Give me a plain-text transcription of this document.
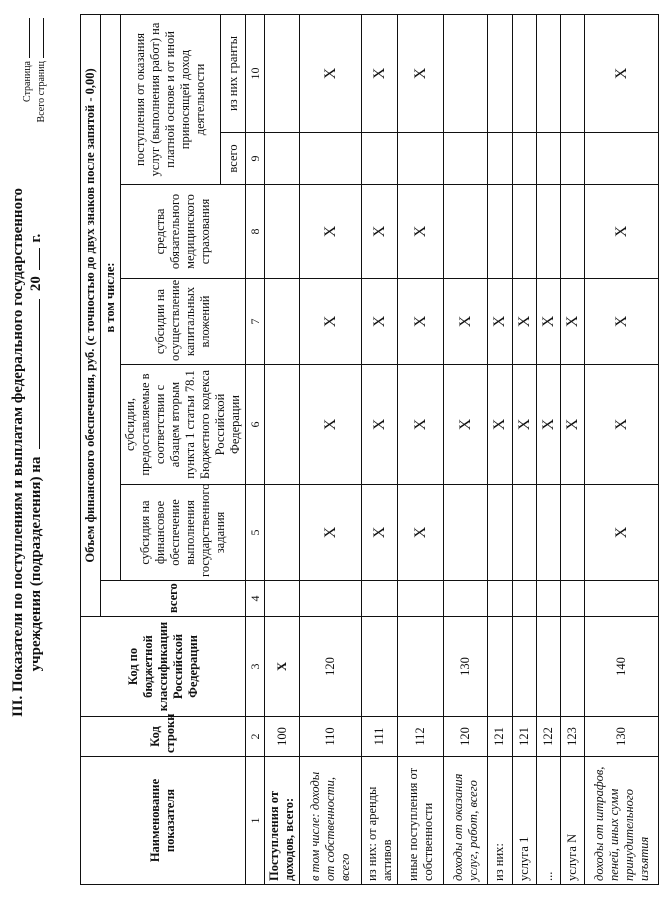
III. Показатели по поступлениям и выплатам федерального государственного учреждения (подразделения) на  20  г.
Наименование показателя	Код строки	Код по бюджетной классификации Российской Федерации	Объем финансового обеспечения, руб. (с точностью до двух знаков после запятой - 0,00)						
			всего	в том числе:					
				субсидия на финансовое обеспечение выполнения государственного задания	субсидии, предоставляемые в соответствии с абзацем вторым пункта 1 статьи 78.1 Бюджетного кодекса Российской Федерации	субсидии на осуществление капитальных вложений	средства обязательного медицинского страхования	поступления от оказания услуг (выполнения работ) на платной основе и от иной приносящей доход деятельности	
								всего	из них гранты
1	2	3	4	5	6	7	8	9	10
Поступления от доходов, всего:	100	X							
в том числе: доходы от собственности, всего	110	120		X	X	X	X		X
из них: от аренды активов	111			X	X	X	X		X
иные поступления от собственности	112			X	X	X	X		X
доходы от оказания услуг, работ, всего	120	130			X	X			
из них:	121				X	X			
услуга 1	121				X	X			
...	122				X	X			
услуга N	123				X	X			
доходы от штрафов, пеней, иных сумм принудительного изъятия	130	140		X	X	X	X		X
Страница Всего страниц
